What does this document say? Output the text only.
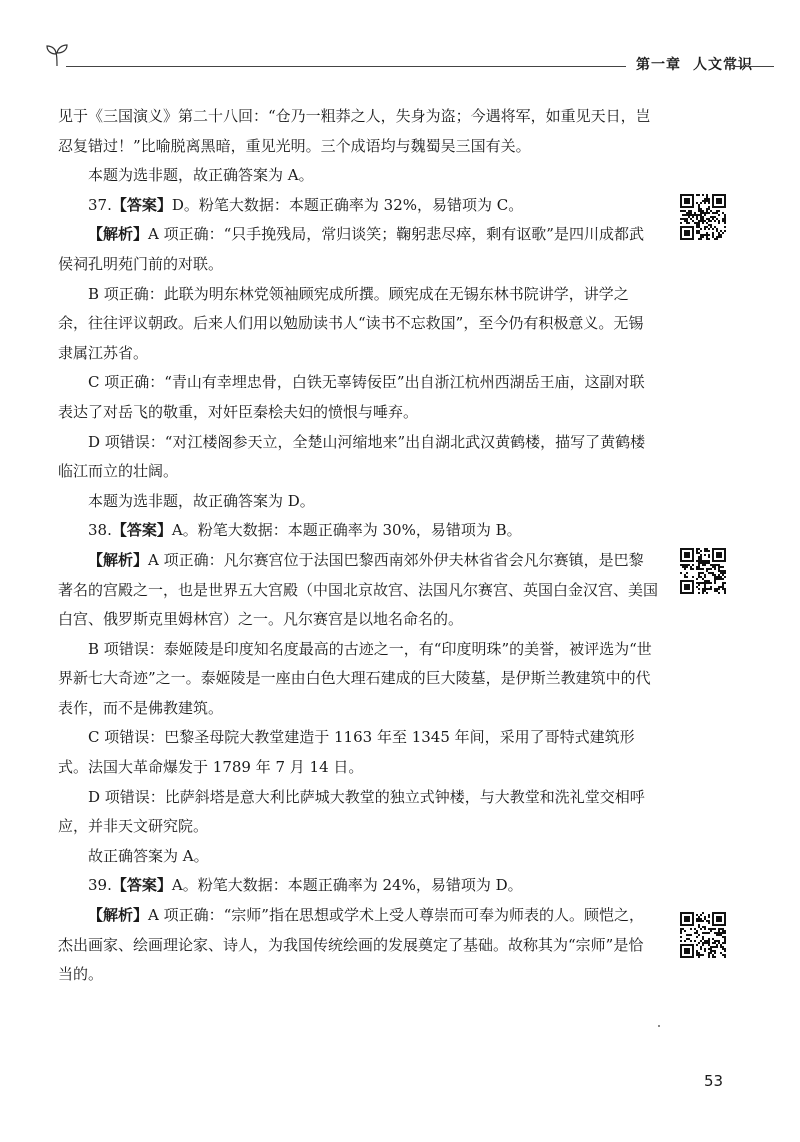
第一章 人文常识

见于《三国演义》第二十八回：“仓乃一粗莽之人，失身为盗；今遇将军，如重见天日，岂忍复错过！”比喻脱离黑暗，重见光明。三个成语均与魏蜀吴三国有关。

本题为选非题，故正确答案为 A。

37.【答案】D。粉笔大数据：本题正确率为 32%，易错项为 C。

【解析】A 项正确：“只手挽残局，常归谈笑；鞠躬悲尽瘁，剩有讴歌”是四川成都武侯祠孔明苑门前的对联。

B 项正确：此联为明东林党领袖顾宪成所撰。顾宪成在无锡东林书院讲学，讲学之余，往往评议朝政。后来人们用以勉励读书人“读书不忘救国”，至今仍有积极意义。无锡隶属江苏省。

C 项正确：“青山有幸埋忠骨，白铁无辜铸佞臣”出自浙江杭州西湖岳王庙，这副对联表达了对岳飞的敬重，对奸臣秦桧夫妇的愤恨与唾弃。

D 项错误：“对江楼阁参天立，全楚山河缩地来”出自湖北武汉黄鹤楼，描写了黄鹤楼临江而立的壮阔。

本题为选非题，故正确答案为 D。

38.【答案】A。粉笔大数据：本题正确率为 30%，易错项为 B。

【解析】A 项正确：凡尔赛宫位于法国巴黎西南郊外伊夫林省省会凡尔赛镇，是巴黎著名的宫殿之一，也是世界五大宫殿（中国北京故宫、法国凡尔赛宫、英国白金汉宫、美国白宫、俄罗斯克里姆林宫）之一。凡尔赛宫是以地名命名的。

B 项错误：泰姬陵是印度知名度最高的古迹之一，有“印度明珠”的美誉，被评选为“世界新七大奇迹”之一。泰姬陵是一座由白色大理石建成的巨大陵墓，是伊斯兰教建筑中的代表作，而不是佛教建筑。

C 项错误：巴黎圣母院大教堂建造于 1163 年至 1345 年间，采用了哥特式建筑形式。法国大革命爆发于 1789 年 7 月 14 日。

D 项错误：比萨斜塔是意大利比萨城大教堂的独立式钟楼，与大教堂和洗礼堂交相呼应，并非天文研究院。

故正确答案为 A。

39.【答案】A。粉笔大数据：本题正确率为 24%，易错项为 D。

【解析】A 项正确：“宗师”指在思想或学术上受人尊崇而可奉为师表的人。顾恺之，杰出画家、绘画理论家、诗人，为我国传统绘画的发展奠定了基础。故称其为“宗师”是恰当的。

53
